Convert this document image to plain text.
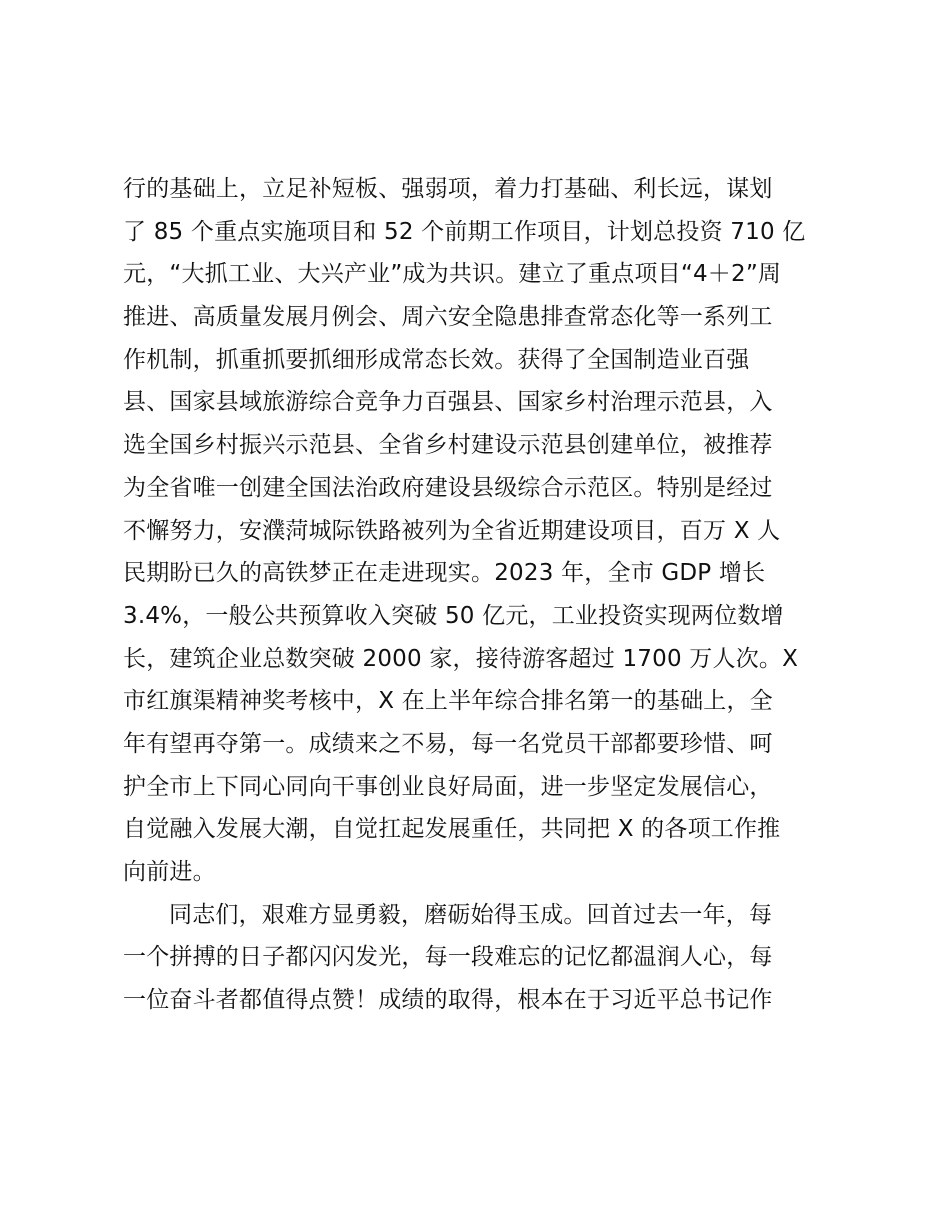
行的基础上，立足补短板、强弱项，着力打基础、利长远，谋划
了 85 个重点实施项目和 52 个前期工作项目，计划总投资 710 亿
元，“大抓工业、大兴产业”成为共识。建立了重点项目“4＋2”周
推进、高质量发展月例会、周六安全隐患排查常态化等一系列工
作机制，抓重抓要抓细形成常态长效。获得了全国制造业百强
县、国家县域旅游综合竞争力百强县、国家乡村治理示范县，入
选全国乡村振兴示范县、全省乡村建设示范县创建单位，被推荐
为全省唯一创建全国法治政府建设县级综合示范区。特别是经过
不懈努力，安濮菏城际铁路被列为全省近期建设项目，百万 X 人
民期盼已久的高铁梦正在走进现实。2023 年，全市 GDP 增长
3.4%，一般公共预算收入突破 50 亿元，工业投资实现两位数增
长，建筑企业总数突破 2000 家，接待游客超过 1700 万人次。X
市红旗渠精神奖考核中，X 在上半年综合排名第一的基础上，全
年有望再夺第一。成绩来之不易，每一名党员干部都要珍惜、呵
护全市上下同心同向干事创业良好局面，进一步坚定发展信心，
自觉融入发展大潮，自觉扛起发展重任，共同把 X 的各项工作推
向前进。
同志们，艰难方显勇毅，磨砺始得玉成。回首过去一年，每
一个拼搏的日子都闪闪发光，每一段难忘的记忆都温润人心，每
一位奋斗者都值得点赞！成绩的取得，根本在于习近平总书记作
